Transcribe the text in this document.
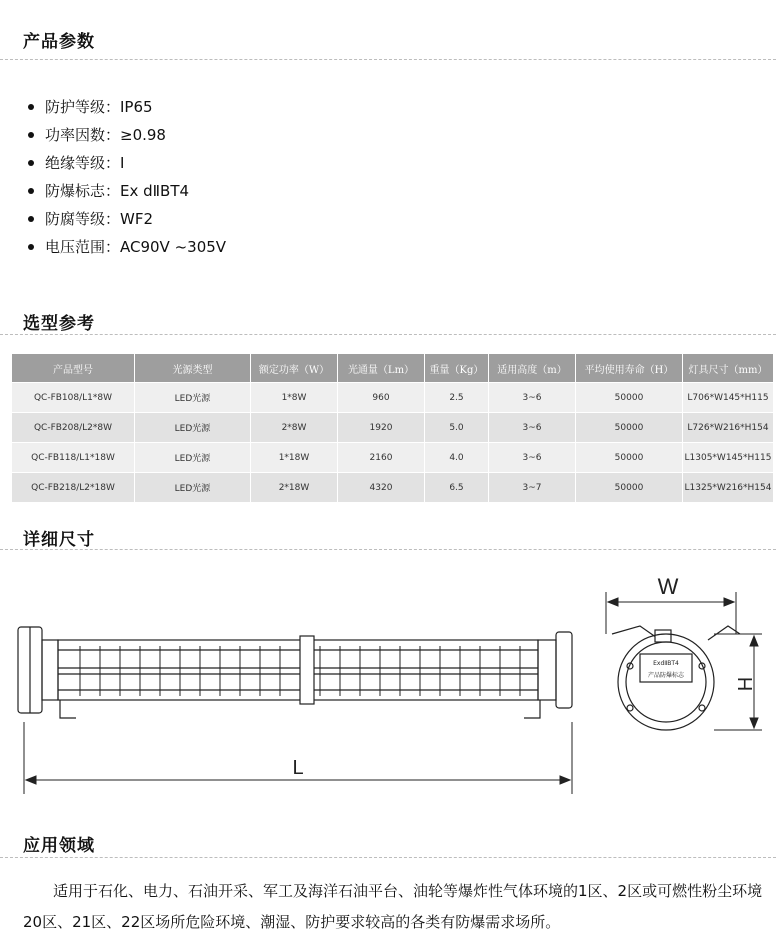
产品参数
防护等级：IP65
功率因数：≥0.98
绝缘等级：I
防爆标志：Ex dⅡBT4
防腐等级：WF2
电压范围：AC90V ~305V
选型参考
产品型号	光源类型	额定功率（W）	光通量（Lm）	重量（Kg）	适用高度（m）	平均使用寿命（H）	灯具尺寸（mm）
QC-FB108/L1*8W	LED光源	1*8W	960	2.5	3~6	50000	L706*W145*H115
QC-FB208/L2*8W	LED光源	2*8W	1920	5.0	3~6	50000	L726*W216*H154
QC-FB118/L1*18W	LED光源	1*18W	2160	4.0	3~6	50000	L1305*W145*H115
QC-FB218/L2*18W	LED光源	2*18W	4320	6.5	3~7	50000	L1325*W216*H154
详细尺寸
L
ExdⅡBT4
产品防爆标志
W
H
应用领域
适用于石化、电力、石油开采、军工及海洋石油平台、油轮等爆炸性气体环境的1区、2区或可燃性粉尘环境20区、21区、22区场所危险环境、潮湿、防护要求较高的各类有防爆需求场所。
